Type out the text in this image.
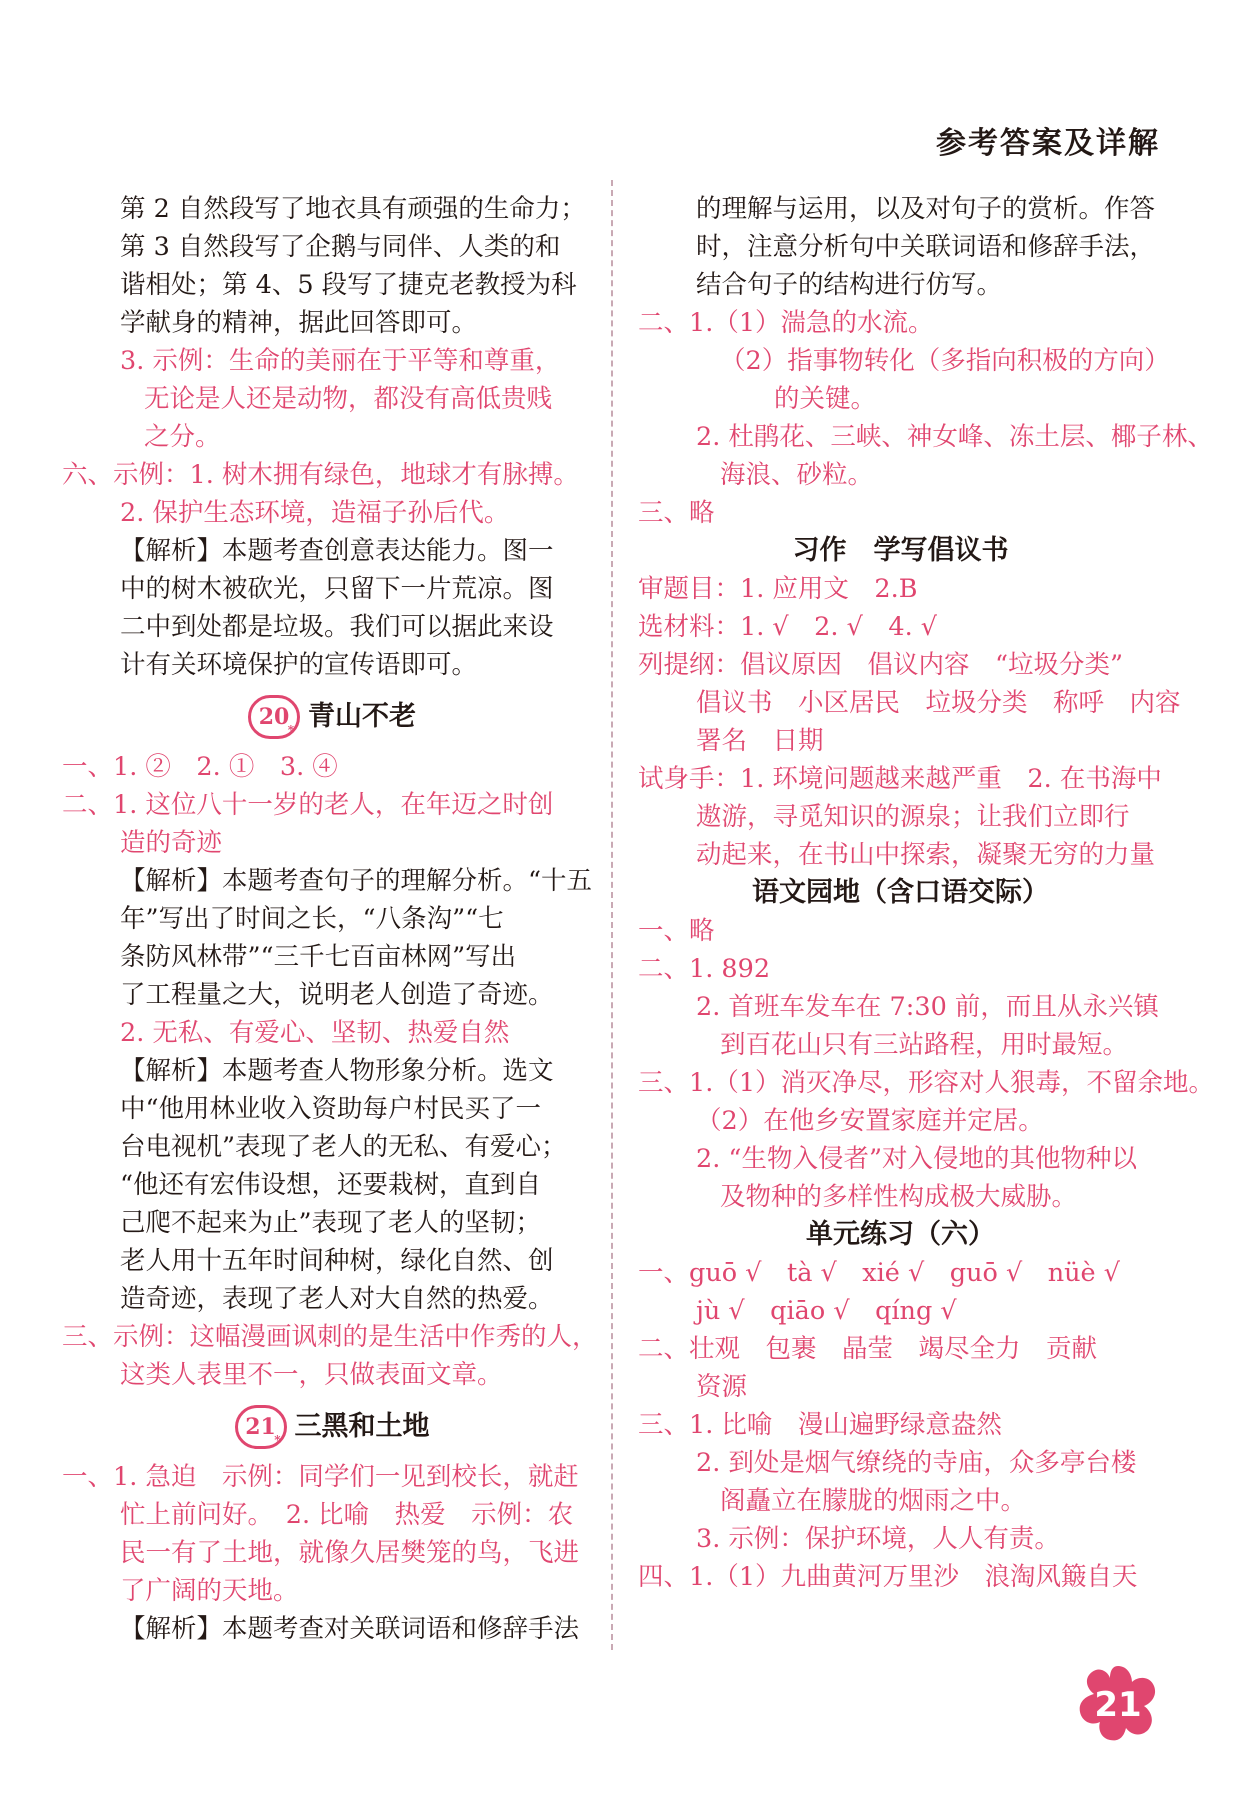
参考答案及详解
第 2 自然段写了地衣具有顽强的生命力；
第 3 自然段写了企鹅与同伴、人类的和
谐相处；第 4、5 段写了捷克老教授为科
学献身的精神，据此回答即可。
3. 示例：生命的美丽在于平等和尊重，
无论是人还是动物，都没有高低贵贱
之分。
六、示例：1. 树木拥有绿色，地球才有脉搏。
2. 保护生态环境，造福子孙后代。
【解析】本题考查创意表达能力。图一
中的树木被砍光，只留下一片荒凉。图
二中到处都是垃圾。我们可以据此来设
计有关环境保护的宣传语即可。
20
* 青山不老
一、1. ②　2. ①　3. ④
二、1. 这位八十一岁的老人，在年迈之时创
造的奇迹
【解析】本题考查句子的理解分析。“十五
年”写出了时间之长，“八条沟”“七
条防风林带”“三千七百亩林网”写出
了工程量之大，说明老人创造了奇迹。
2. 无私、有爱心、坚韧、热爱自然
【解析】本题考查人物形象分析。选文
中“他用林业收入资助每户村民买了一
台电视机”表现了老人的无私、有爱心；
“他还有宏伟设想，还要栽树，直到自
己爬不起来为止”表现了老人的坚韧；
老人用十五年时间种树，绿化自然、创
造奇迹，表现了老人对大自然的热爱。
三、示例：这幅漫画讽刺的是生活中作秀的人，
这类人表里不一，只做表面文章。
21
* 三黑和土地
一、1. 急迫　示例：同学们一见到校长，就赶
忙上前问好。　2. 比喻　热爱　示例：农
民一有了土地，就像久居樊笼的鸟，飞进
了广阔的天地。
【解析】本题考查对关联词语和修辞手法
的理解与运用，以及对句子的赏析。作答
时，注意分析句中关联词语和修辞手法，
结合句子的结构进行仿写。
二、1.（1）湍急的水流。
（2）指事物转化（多指向积极的方向）
的关键。
2. 杜鹃花、三峡、神女峰、冻土层、椰子林、
海浪、砂粒。
三、略
习作　学写倡议书
审题目：1. 应用文　2.B
选材料：1. √　2. √　4. √
列提纲：倡议原因　倡议内容　“垃圾分类”
倡议书　小区居民　垃圾分类　称呼　内容
署名　日期
试身手：1. 环境问题越来越严重　2. 在书海中
遨游，寻觅知识的源泉；让我们立即行
动起来，在书山中探索，凝聚无穷的力量
语文园地（含口语交际）
一、略
二、1. 892
2. 首班车发车在 7:30 前，而且从永兴镇
到百花山只有三站路程，用时最短。
三、1.（1）消灭净尽，形容对人狠毒，不留余地。
（2）在他乡安置家庭并定居。
2. “生物入侵者”对入侵地的其他物种以
及物种的多样性构成极大威胁。
单元练习（六）
一、guō √　tà √　xié √　guō √　nüè √
jù √　qiāo √　qíng √
二、壮观　包裹　晶莹　竭尽全力　贡献
资源
三、1. 比喻　漫山遍野绿意盎然
2. 到处是烟气缭绕的寺庙，众多亭台楼
阁矗立在朦胧的烟雨之中。
3. 示例：保护环境，人人有责。
四、1.（1）九曲黄河万里沙　浪淘风簸自天
21
